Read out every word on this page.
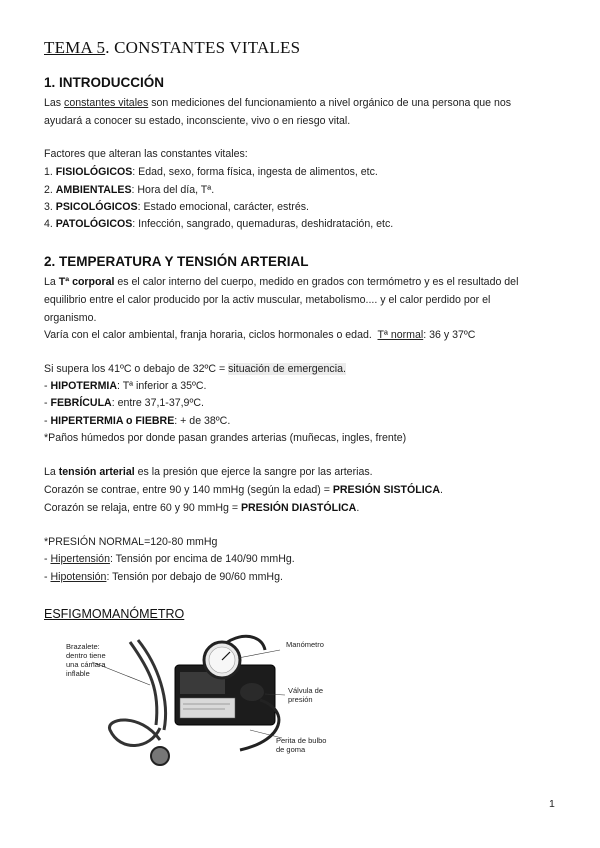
TEMA 5. CONSTANTES VITALES
1. INTRODUCCIÓN
Las constantes vitales son mediciones del funcionamiento a nivel orgánico de una persona que nos
ayudará a conocer su estado, inconsciente, vivo o en riesgo vital.
Factores que alteran las constantes vitales:
1. FISIOLÓGICOS: Edad, sexo, forma física, ingesta de alimentos, etc.
2. AMBIENTALES: Hora del día, Tª.
3. PSICOLÓGICOS: Estado emocional, carácter, estrés.
4. PATOLÓGICOS: Infección, sangrado, quemaduras, deshidratación, etc.
2. TEMPERATURA Y TENSIÓN ARTERIAL
La Tª corporal es el calor interno del cuerpo, medido en grados con termómetro y es el resultado del
equilibrio entre el calor producido por la activ muscular, metabolismo.... y el calor perdido por el
organismo.
Varía con el calor ambiental, franja horaria, ciclos hormonales o edad.  Tª normal: 36 y 37ºC
Si supera los 41ºC o debajo de 32ºC = situación de emergencia.
- HIPOTERMIA: Tª inferior a 35ºC.
- FEBRÍCULA: entre 37,1-37,9ºC.
- HIPERTERMIA o FIEBRE: + de 38ºC.
*Paños húmedos por donde pasan grandes arterias (muñecas, ingles, frente)
La tensión arterial es la presión que ejerce la sangre por las arterias.
Corazón se contrae, entre 90 y 140 mmHg (según la edad) = PRESIÓN SISTÓLICA.
Corazón se relaja, entre 60 y 90 mmHg = PRESIÓN DIASTÓLICA.
*PRESIÓN NORMAL=120-80 mmHg
- Hipertensión: Tensión por encima de 140/90 mmHg.
- Hipotensión: Tensión por debajo de 90/60 mmHg.
ESFIGMOMANÓMETRO
Brazalete:
dentro tiene
una cámara
inflable
Manómetro
Válvula de
presión
Perita de bulbo
de goma
1
